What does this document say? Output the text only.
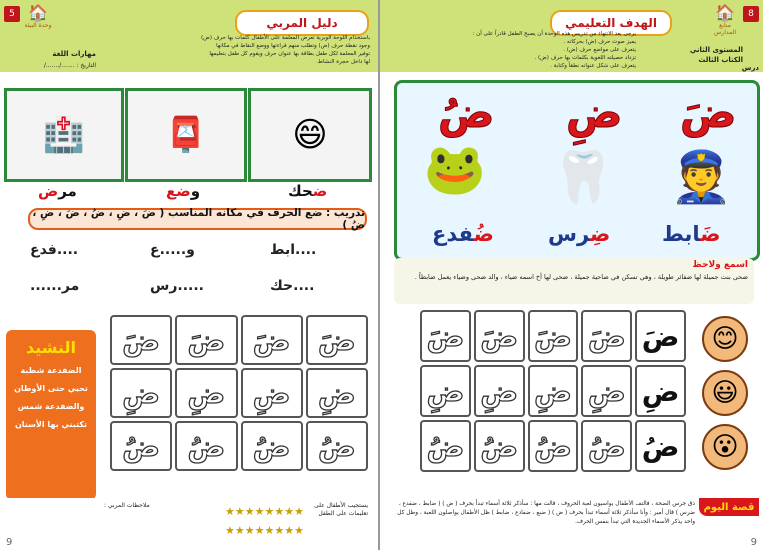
5 🏠
وحدة البيئة	دليل المربي
باستخدام اللوحة الوبرية تعرض المعلمة على الأطفال كلمات بها حرف (ض)
وجود نقطة حرف (ض) وتطلب منهم قراءتها ووضع النقاط في مكانها
توفير المعلمة لكل طفل بطاقة بها عنوان حرف ويقوم كل طفل بتعليمها
لها داخل حجرة النشاط.
مهارات اللغة
التاريخ : ......./......./
😄
📮
🏥
ضحك
وضع
مرض
تدريب : ضع الحرف في مكانه المناسب ( ضَ ، ضِ ، ضُ ، ضَ ، ضِ ، ضُ )
....ابط
و.....ع
....فدع
....حك
.....رس
مر......
ضَ ضَ ضَ ضَ
ضِ ضِ ضِ ضِ
ضُ ضُ ضُ ضُ
النشيد
الضفدعة شطبة
تحيي حتى الأوطان
والضفدعة شمس
تكتبني بها الأسنان
يستجيب الأطفال على تعليمات على الطفل
★★★★★★★★
★★★★★★★★
ملاحظات المربي :
9
8
🏠
منابع المدارس
الهدف التعليمي
يرجى بعد الانتهاء من تدريس هذه الوحدة أن يصبح الطفل قادراً على أن :
يميز صوت حرف (ض) بحركاته .
يتعرف على مواضع حرف (ض) .
تزداد حصيلته اللغوية بكلمات بها حرف (ض) .
يتعرف على شكل عنوانه نطقاً وكتابة .
المستوى الثاني
الكتاب الثالث
درس
ضَ
ضِ
ضُ
👮
🦷
🐸
ضَابط
ضِرس
ضُفدع
اسمع ولاحظ
ضحى بنت جميلة لها ضفائر طويلة ، وهي تسكن في ضاحية جميلة ، ضحى لها أخ اسمه ضياء ، والد ضحى وضياء يعمل ضابطاً .
ضَ ضَ ضَ ضَ ضَ
ضِ ضِ ضِ ضِ ضِ
ضُ ضُ ضُ ضُ ضُ
😊
😃
😮
قصة اليوم
ذق جرس الضحة ، فالتف الأطفال يواسيون لعبة الحروف ، قالت مها : سأذكر ثلاثة أسماء تبدأ بحرف ( ض ) ( ضابط ، ضفدع ، ضرس ) قال أمير : وأنا سأذكر ثلاثة أسماء تبدأ بحرف ( ض ) ( ضبع ، ضفادع ، ضابط ) ظل الأطفال يواصلون اللعبة ، وظل كل واحد يذكر الأسماء الجديدة التي تبدأ بنفس الحرف.
9
